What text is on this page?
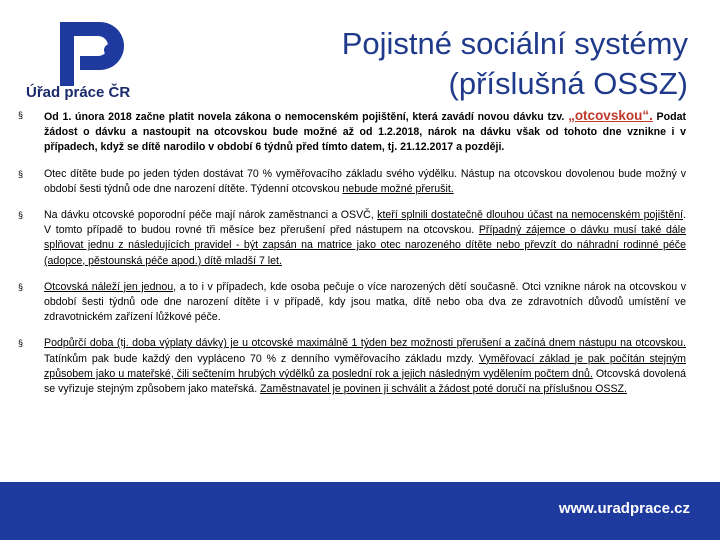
Úřad práce ČR
Pojistné sociální systémy
(příslušná OSSZ)
§	Od 1. února 2018 začne platit novela zákona o nemocenském pojištění, která zavádí novou dávku tzv. „otcovskou“. Podat žádost o dávku a nastoupit na otcovskou bude možné až od 1.2.2018, nárok na dávku však od tohoto dne vznikne i v případech, když se dítě narodilo v období 6 týdnů před tímto datem, tj. 21.12.2017 a později.
§	Otec dítěte bude po jeden týden dostávat 70 % vyměřovacího základu svého výdělku. Nástup na otcovskou dovolenou bude možný v období šesti týdnů ode dne narození dítěte. Týdenní otcovskou nebude možné přerušit.
§	Na dávku otcovské poporodní péče mají nárok zaměstnanci a OSVČ, kteří splnili dostatečně dlouhou účast na nemocenském pojištění. V tomto případě to budou rovné tři měsíce bez přerušení před nástupem na otcovskou. Případný zájemce o dávku musí také dále splňovat jednu z následujících pravidel - být zapsán na matrice jako otec narozeného dítěte nebo převzít do náhradní rodinné péče (adopce, pěstounská péče apod.) dítě mladší 7 let.
§	Otcovská náleží jen jednou, a to i v případech, kde osoba pečuje o více narozených dětí současně. Otci vznikne nárok na otcovskou v období šesti týdnů ode dne narození dítěte i v případě, kdy jsou matka, dítě nebo oba dva ze zdravotních důvodů umístění ve zdravotnickém zařízení lůžkové péče.
§	Podpůrčí doba (tj. doba výplaty dávky) je u otcovské maximálně 1 týden bez možnosti přerušení a začíná dnem nástupu na otcovskou. Tatínkům pak bude každý den vypláceno 70 % z denního vyměřovacího základu mzdy. Vyměřovací základ je pak počítán stejným způsobem jako u mateřské, čili sečtením hrubých výdělků za poslední rok a jejich následným vydělením počtem dnů. Otcovská dovolená se vyřizuje stejným způsobem jako mateřská. Zaměstnavatel je povinen ji schválit a žádost poté doručí na příslušnou OSSZ.
www.uradprace.cz
